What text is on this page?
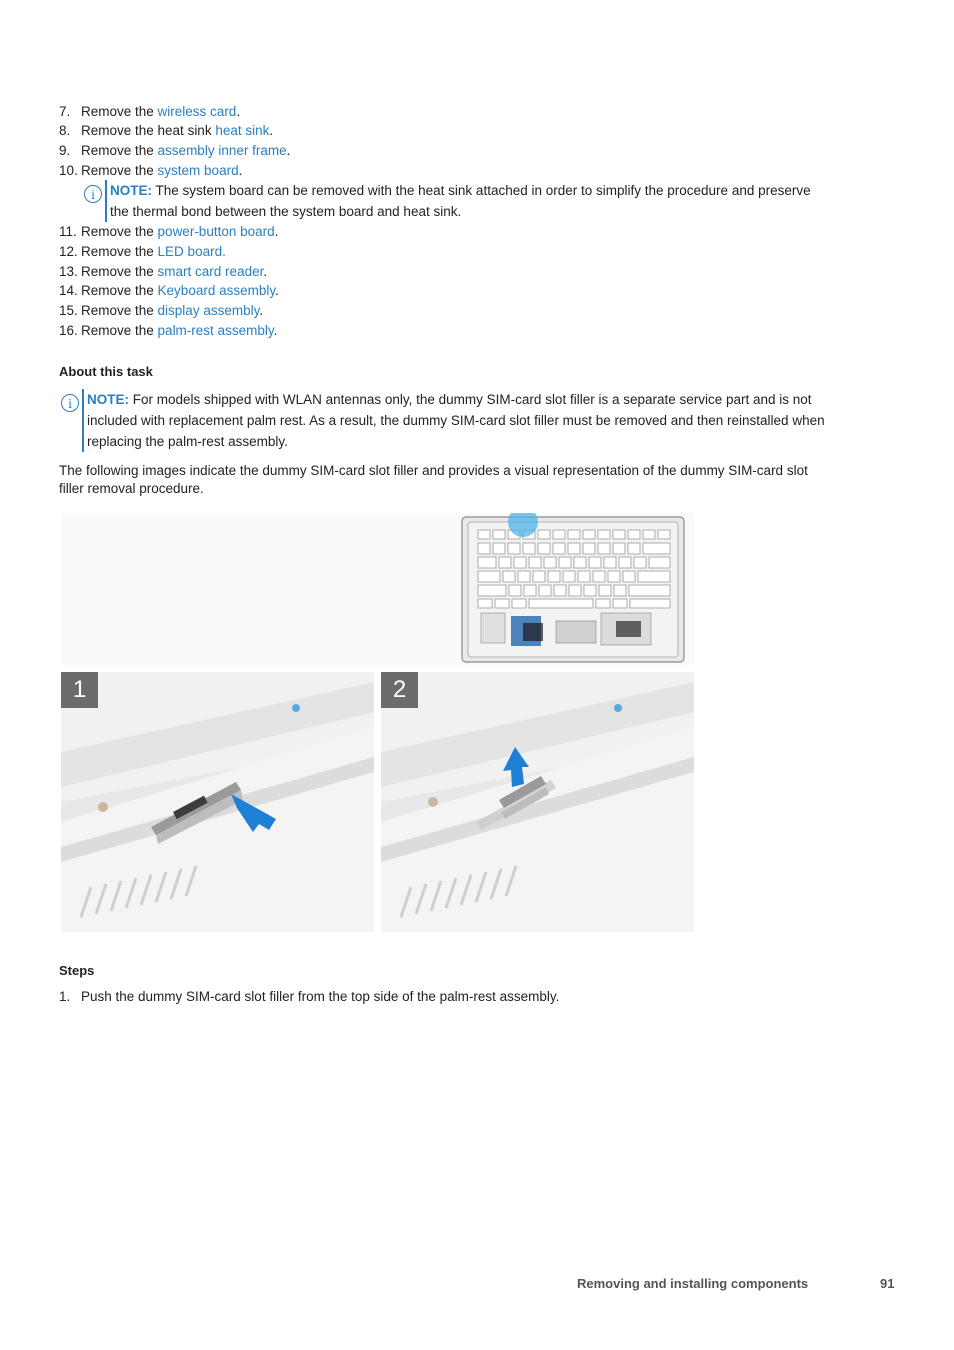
7. Remove the wireless card.
8. Remove the heat sink heat sink.
9. Remove the assembly inner frame.
10. Remove the system board.
i	NOTE: The system board can be removed with the heat sink attached in order to simplify the procedure and preserve
the thermal bond between the system board and heat sink.
11. Remove the power-button board.
12. Remove the LED board.
13. Remove the smart card reader.
14. Remove the Keyboard assembly.
15. Remove the display assembly.
16. Remove the palm-rest assembly.
About this task
i	NOTE: For models shipped with WLAN antennas only, the dummy SIM-card slot filler is a separate service part and is not
included with replacement palm rest. As a result, the dummy SIM-card slot filler must be removed and then reinstalled when
replacing the palm-rest assembly.
The following images indicate the dummy SIM-card slot filler and provides a visual representation of the dummy SIM-card slot
filler removal procedure.
1	2
Steps
1. Push the dummy SIM-card slot filler from the top side of the palm-rest assembly.
Removing and installing components	91
